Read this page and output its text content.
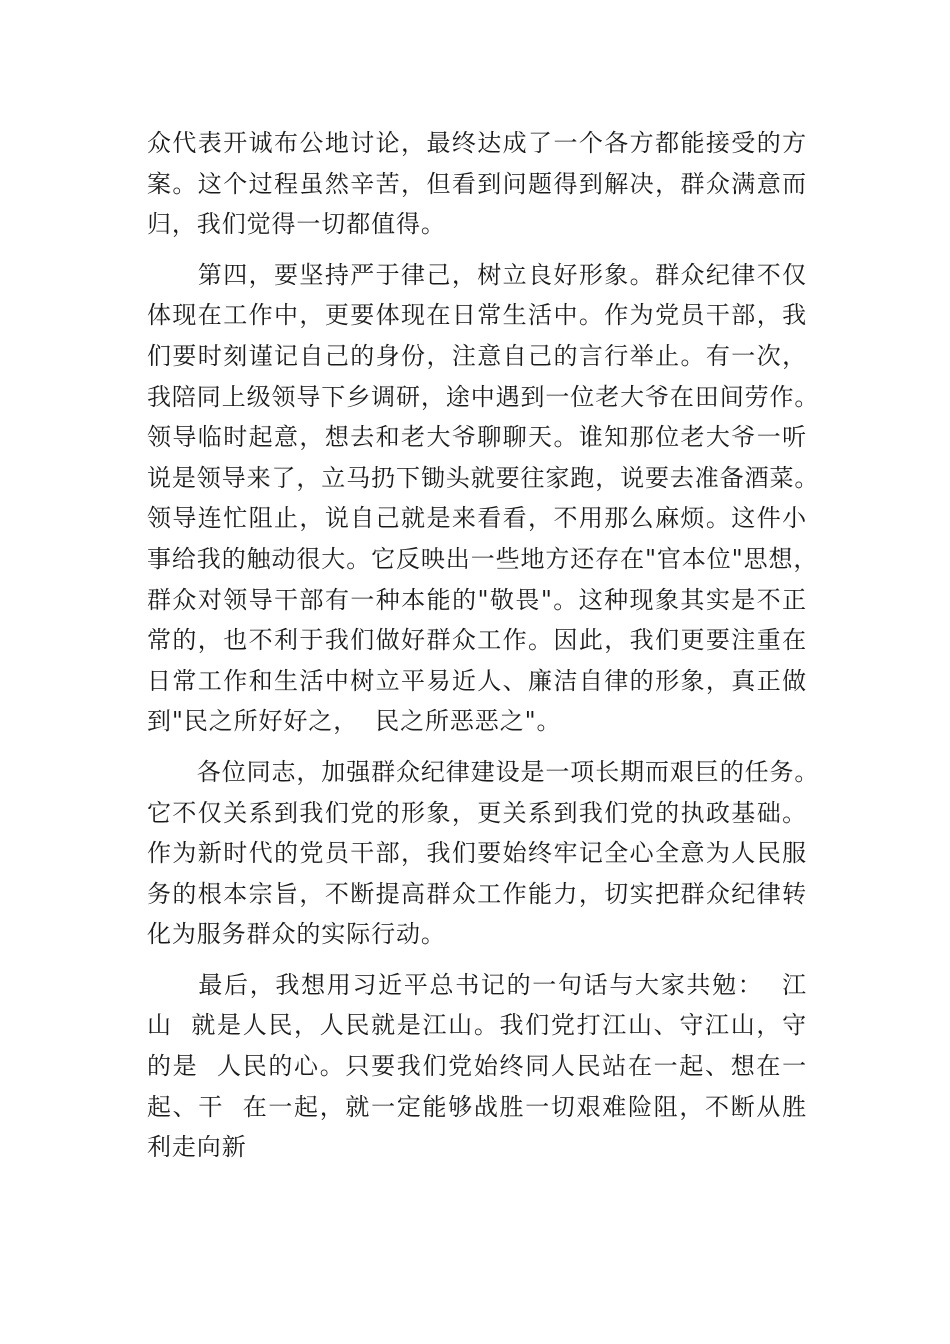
众代表开诚布公地讨论，最终达成了一个各方都能接受的方
案。这个过程虽然辛苦，但看到问题得到解决，群众满意而
归，我们觉得一切都值得。
　　第四，要坚持严于律己，树立良好形象。群众纪律不仅
体现在工作中，更要体现在日常生活中。作为党员干部，我
们要时刻谨记自己的身份，注意自己的言行举止。有一次，
我陪同上级领导下乡调研，途中遇到一位老大爷在田间劳作。
领导临时起意，想去和老大爷聊聊天。谁知那位老大爷一听
说是领导来了，立马扔下锄头就要往家跑，说要去准备酒菜。
领导连忙阻止，说自己就是来看看，不用那么麻烦。这件小
事给我的触动很大。它反映出一些地方还存在"官本位"思想，
群众对领导干部有一种本能的"敬畏"。这种现象其实是不正
常的，也不利于我们做好群众工作。因此，我们更要注重在
日常工作和生活中树立平易近人、廉洁自律的形象，真正做
到"民之所好好之，  民之所恶恶之"。
　　各位同志，加强群众纪律建设是一项长期而艰巨的任务。
它不仅关系到我们党的形象，更关系到我们党的执政基础。
作为新时代的党员干部，我们要始终牢记全心全意为人民服
务的根本宗旨，不断提高群众工作能力，切实把群众纪律转
化为服务群众的实际行动。
　　最后，我想用习近平总书记的一句话与大家共勉：  江
山  就是人民，人民就是江山。我们党打江山、守江山，守
的是  人民的心。只要我们党始终同人民站在一起、想在一
起、干  在一起，就一定能够战胜一切艰难险阻，不断从胜
利走向新
